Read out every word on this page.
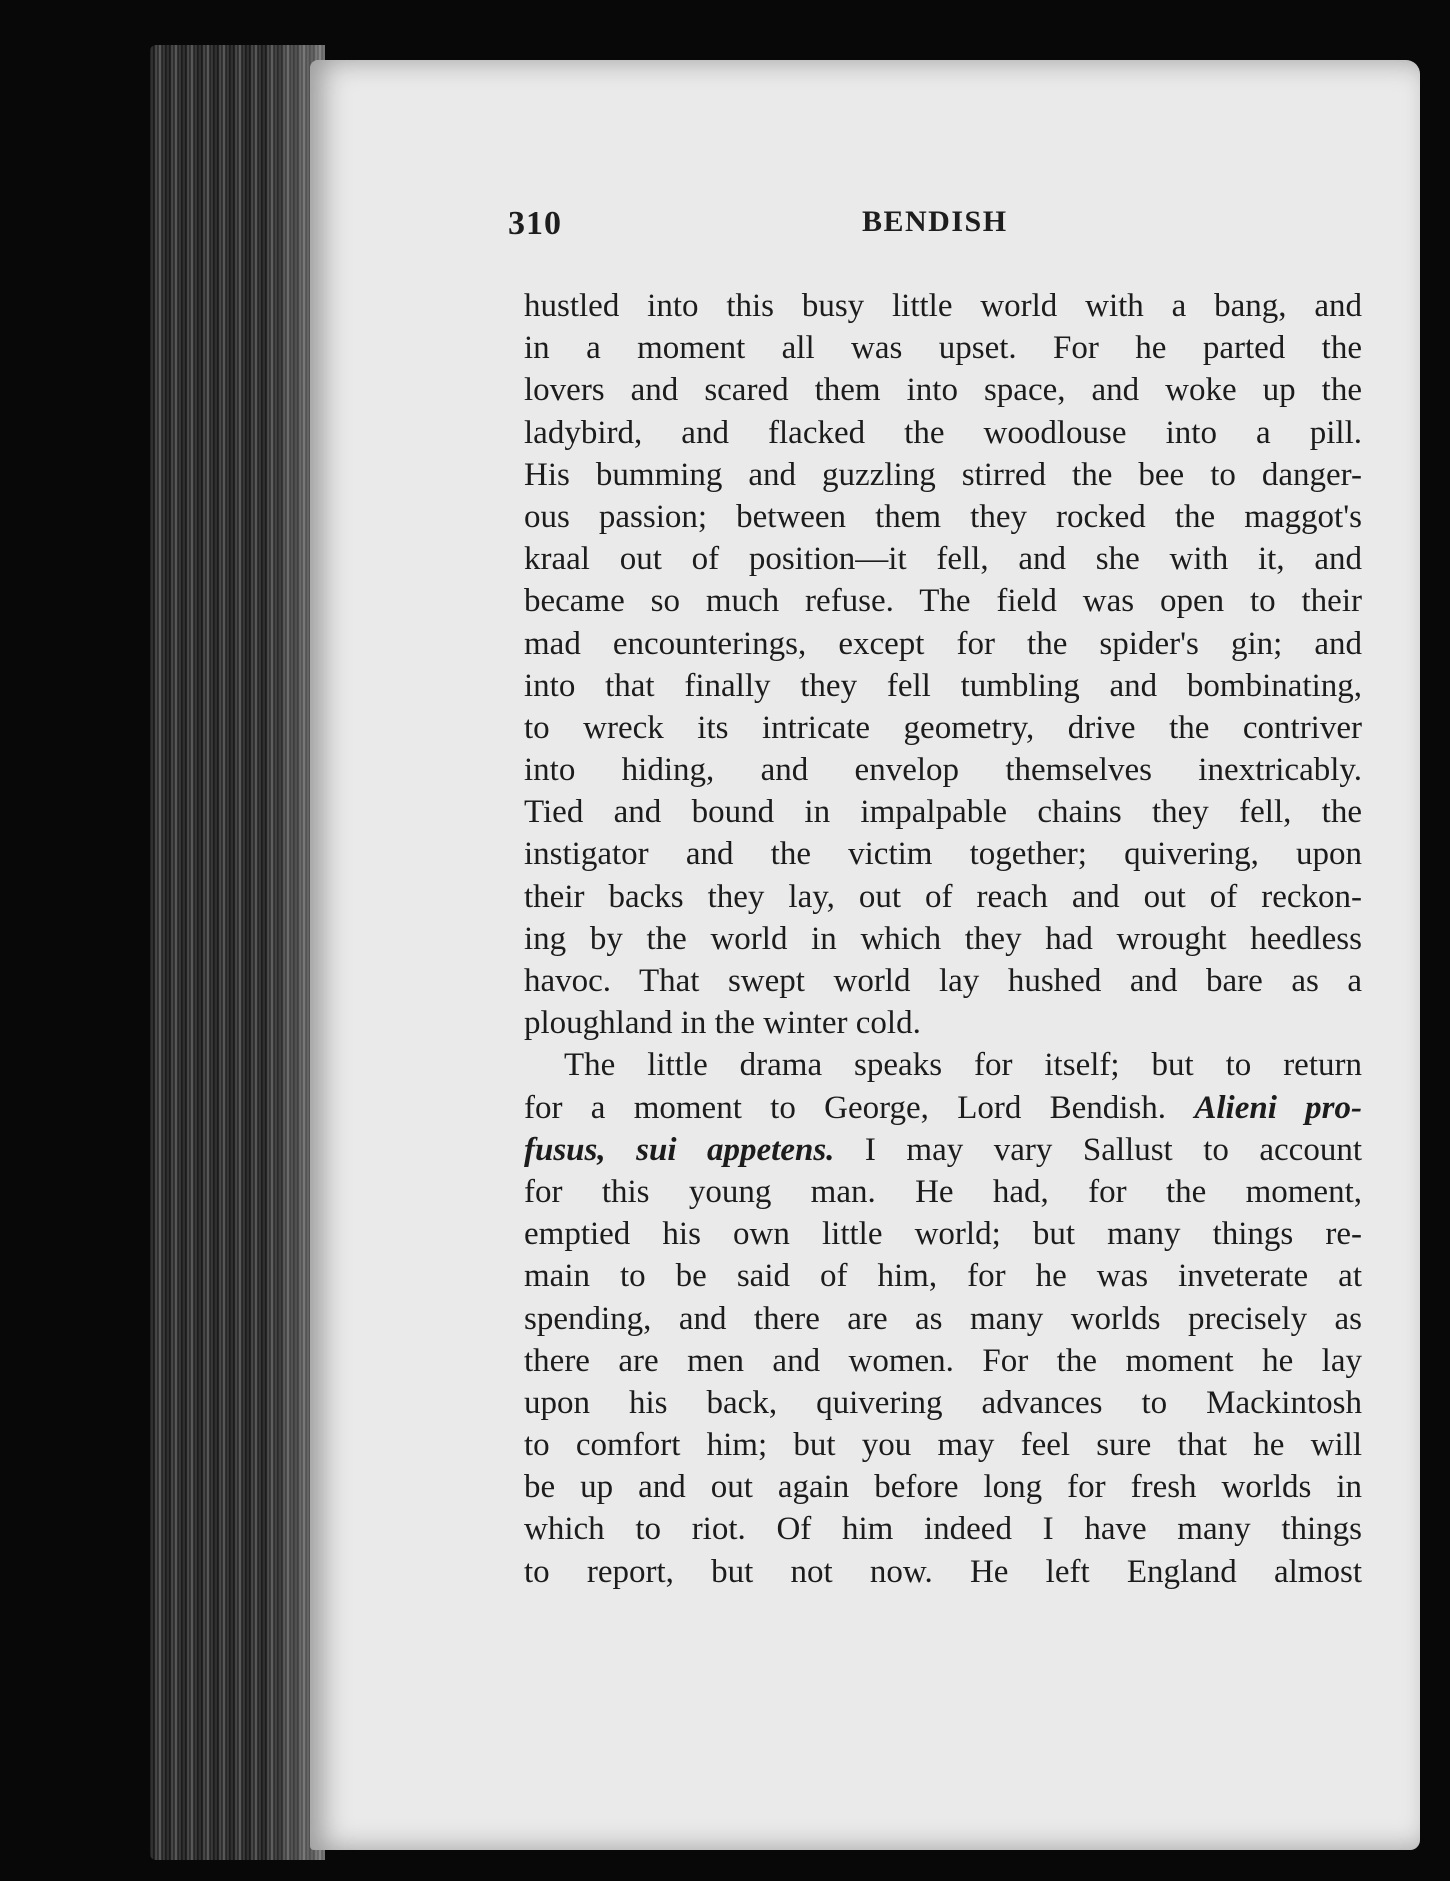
310	BENDISH
hustled into this busy little world with a bang, and
in a moment all was upset. For he parted the
lovers and scared them into space, and woke up the
ladybird, and flacked the woodlouse into a pill.
His bumming and guzzling stirred the bee to danger-
ous passion; between them they rocked the maggot's
kraal out of position—it fell, and she with it, and
became so much refuse. The field was open to their
mad encounterings, except for the spider's gin; and
into that finally they fell tumbling and bombinating,
to wreck its intricate geometry, drive the contriver
into hiding, and envelop themselves inextricably.
Tied and bound in impalpable chains they fell, the
instigator and the victim together; quivering, upon
their backs they lay, out of reach and out of reckon-
ing by the world in which they had wrought heedless
havoc. That swept world lay hushed and bare as a
ploughland in the winter cold.
The little drama speaks for itself; but to return
for a moment to George, Lord Bendish. Alieni pro-
fusus, sui appetens. I may vary Sallust to account
for this young man. He had, for the moment,
emptied his own little world; but many things re-
main to be said of him, for he was inveterate at
spending, and there are as many worlds precisely as
there are men and women. For the moment he lay
upon his back, quivering advances to Mackintosh
to comfort him; but you may feel sure that he will
be up and out again before long for fresh worlds in
which to riot. Of him indeed I have many things
to report, but not now. He left England almost
